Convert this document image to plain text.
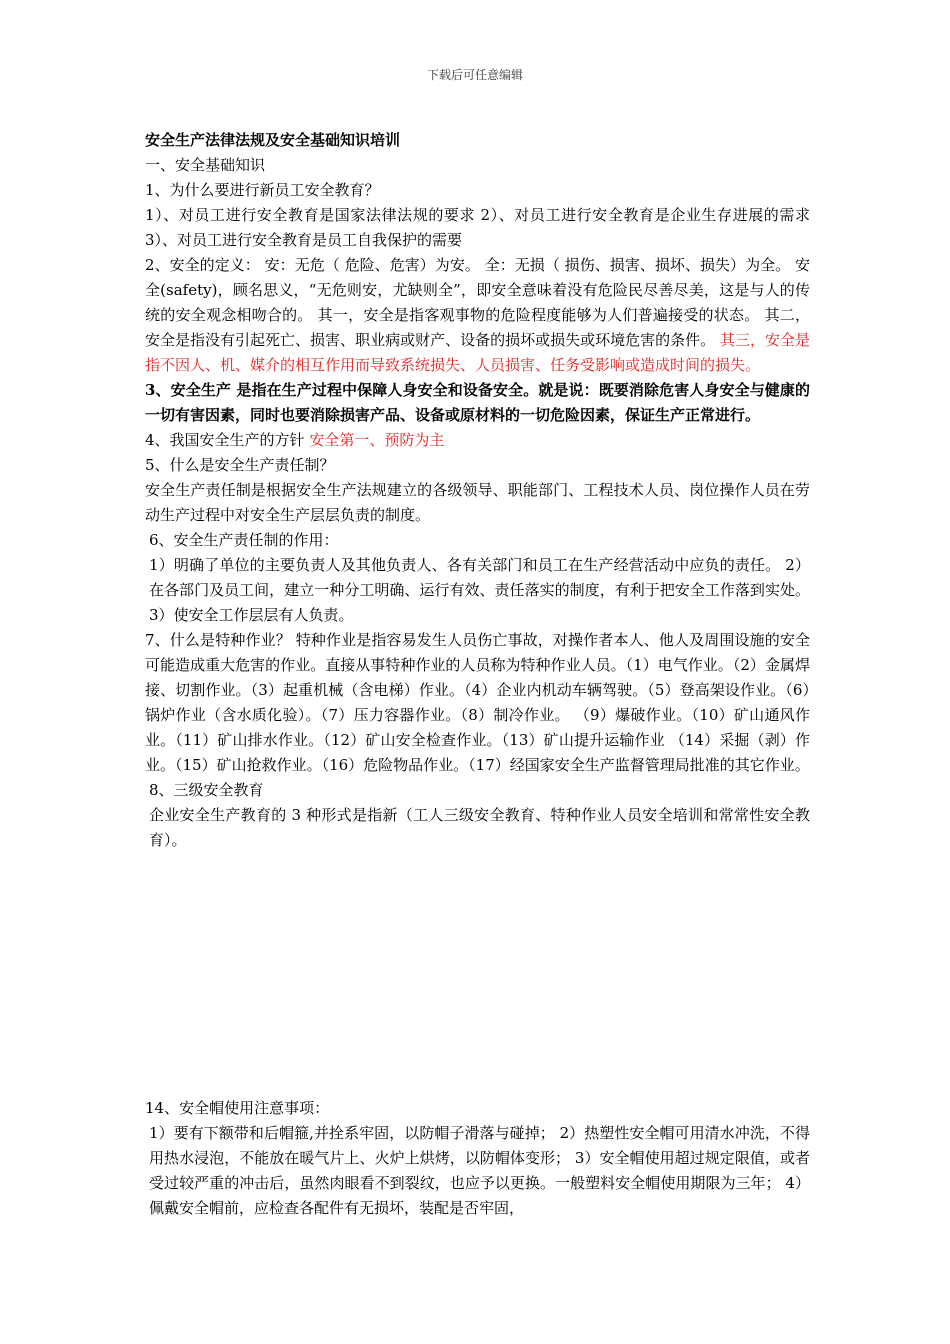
下载后可任意编辑

安全生产法律法规及安全基础知识培训

一、安全基础知识

1、为什么要进行新员工安全教育？

1）、对员工进行安全教育是国家法律法规的要求 2）、对员工进行安全教育是企业生存进展的需求 3）、对员工进行安全教育是员工自我保护的需要

2、安全的定义： 安：无危（ 危险、危害）为安。 全：无损（ 损伤、损害、损坏、损失）为全。 安全(safety)，顾名思义，“无危则安，尤缺则全”，即安全意味着没有危险民尽善尽美，这是与人的传统的安全观念相吻合的。 其一，安全是指客观事物的危险程度能够为人们普遍接受的状态。 其二，安全是指没有引起死亡、损害、职业病或财产、设备的损坏或损失或环境危害的条件。 其三，安全是指不因人、机、媒介的相互作用而导致系统损失、人员损害、任务受影响或造成时间的损失。

3、安全生产 是指在生产过程中保障人身安全和设备安全。就是说：既要消除危害人身安全与健康的一切有害因素，同时也要消除损害产品、设备或原材料的一切危险因素，保证生产正常进行。

4、我国安全生产的方针 安全第一、预防为主

5、什么是安全生产责任制？

安全生产责任制是根据安全生产法规建立的各级领导、职能部门、工程技术人员、岗位操作人员在劳动生产过程中对安全生产层层负责的制度。

6、安全生产责任制的作用：

1）明确了单位的主要负责人及其他负责人、各有关部门和员工在生产经营活动中应负的责任。 2）在各部门及员工间，建立一种分工明确、运行有效、责任落实的制度，有利于把安全工作落到实处。 3）使安全工作层层有人负责。

7、什么是特种作业？ 特种作业是指容易发生人员伤亡事故，对操作者本人、他人及周围设施的安全可能造成重大危害的作业。直接从事特种作业的人员称为特种作业人员。（1）电气作业。（2）金属焊接、切割作业。（3）起重机械（含电梯）作业。（4）企业内机动车辆驾驶。（5）登高架设作业。（6）锅炉作业（含水质化验）。（7）压力容器作业。（8）制冷作业。 （9）爆破作业。（10）矿山通风作业。（11）矿山排水作业。（12）矿山安全检查作业。（13）矿山提升运输作业 （14）采掘（剥）作业。（15）矿山抢救作业。（16）危险物品作业。（17）经国家安全生产监督管理局批准的其它作业。

8、三级安全教育

企业安全生产教育的 3 种形式是指新（工人三级安全教育、特种作业人员安全培训和常常性安全教育）。

14、安全帽使用注意事项：

1）要有下额带和后帽箍,并拴系牢固，以防帽子滑落与碰掉； 2）热塑性安全帽可用清水冲洗，不得用热水浸泡，不能放在暖气片上、火炉上烘烤，以防帽体变形； 3）安全帽使用超过规定限值，或者受过较严重的冲击后，虽然肉眼看不到裂纹，也应予以更换。一般塑料安全帽使用期限为三年； 4）佩戴安全帽前，应检查各配件有无损坏，装配是否牢固，
